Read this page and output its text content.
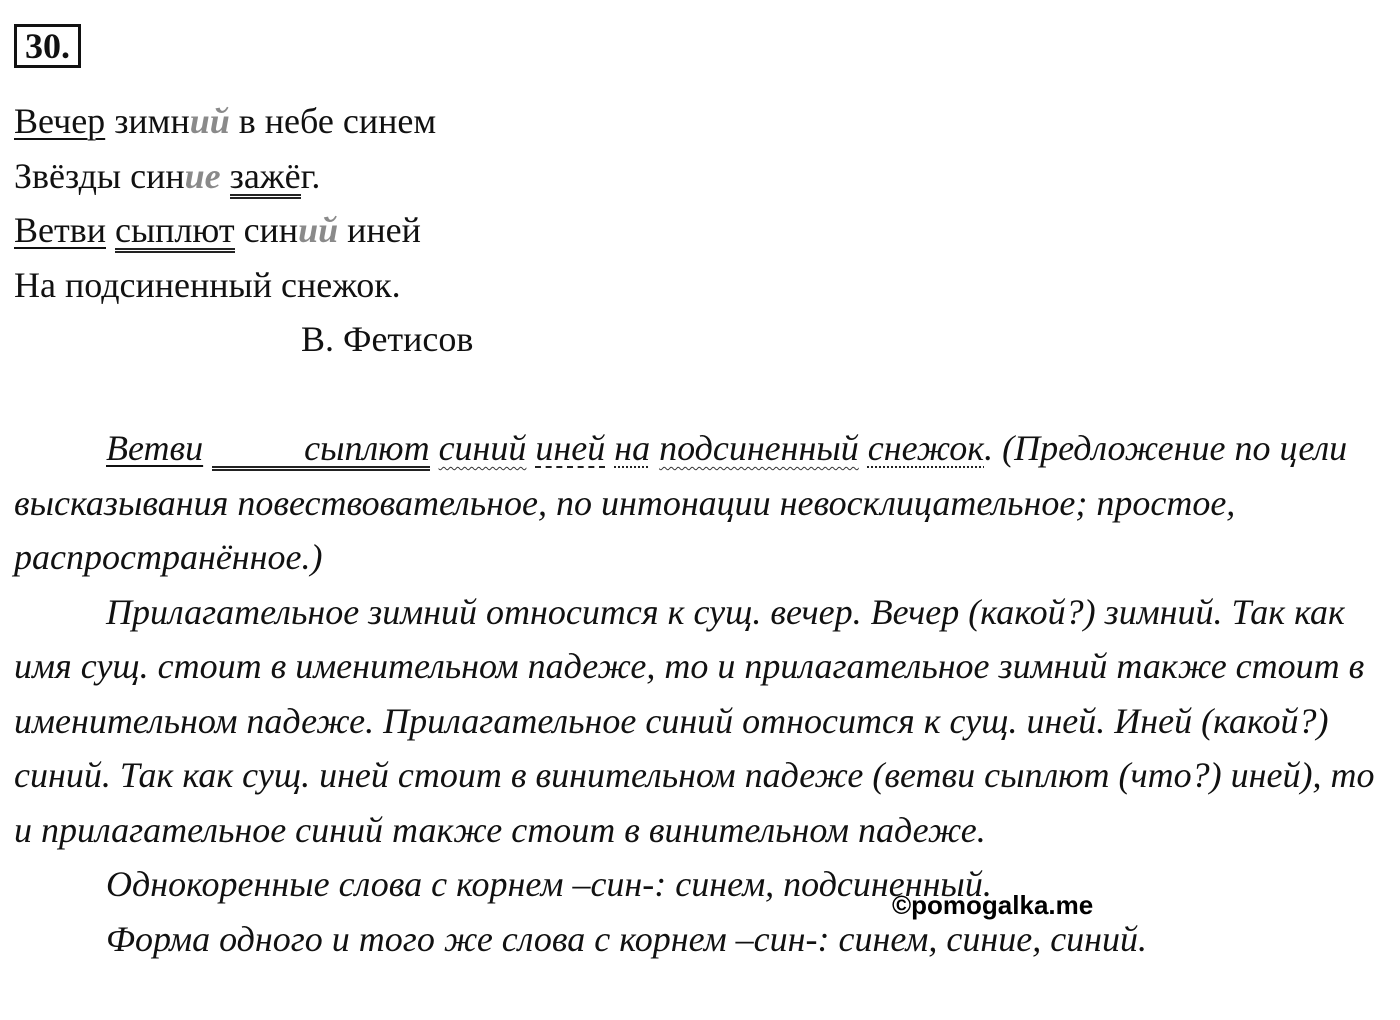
30.
Вечер зимний в небе синем
Звёзды синие зажёг.
Ветви сыплют синий иней
На подсиненный снежок.
В. Фетисов

Ветви	сыплют синий иней на подсиненный снежок. (Предложение по цели высказывания повествовательное, по интонации невосклицательное; простое, распространённое.)

Прилагательное зимний относится к сущ. вечер. Вечер (какой?) зимний. Так как имя сущ. стоит в именительном падеже, то и прилагательное зимний также стоит в именительном падеже. Прилагательное синий относится к сущ. иней. Иней (какой?) синий. Так как сущ. иней стоит в винительном падеже (ветви сыплют (что?) иней), то и прилагательное синий также стоит в винительном падеже.

Однокоренные слова с корнем –син-: синем, подсиненный.

Форма одного и того же слова с корнем –син-: синем, синие, синий.

©pomogalka.me
